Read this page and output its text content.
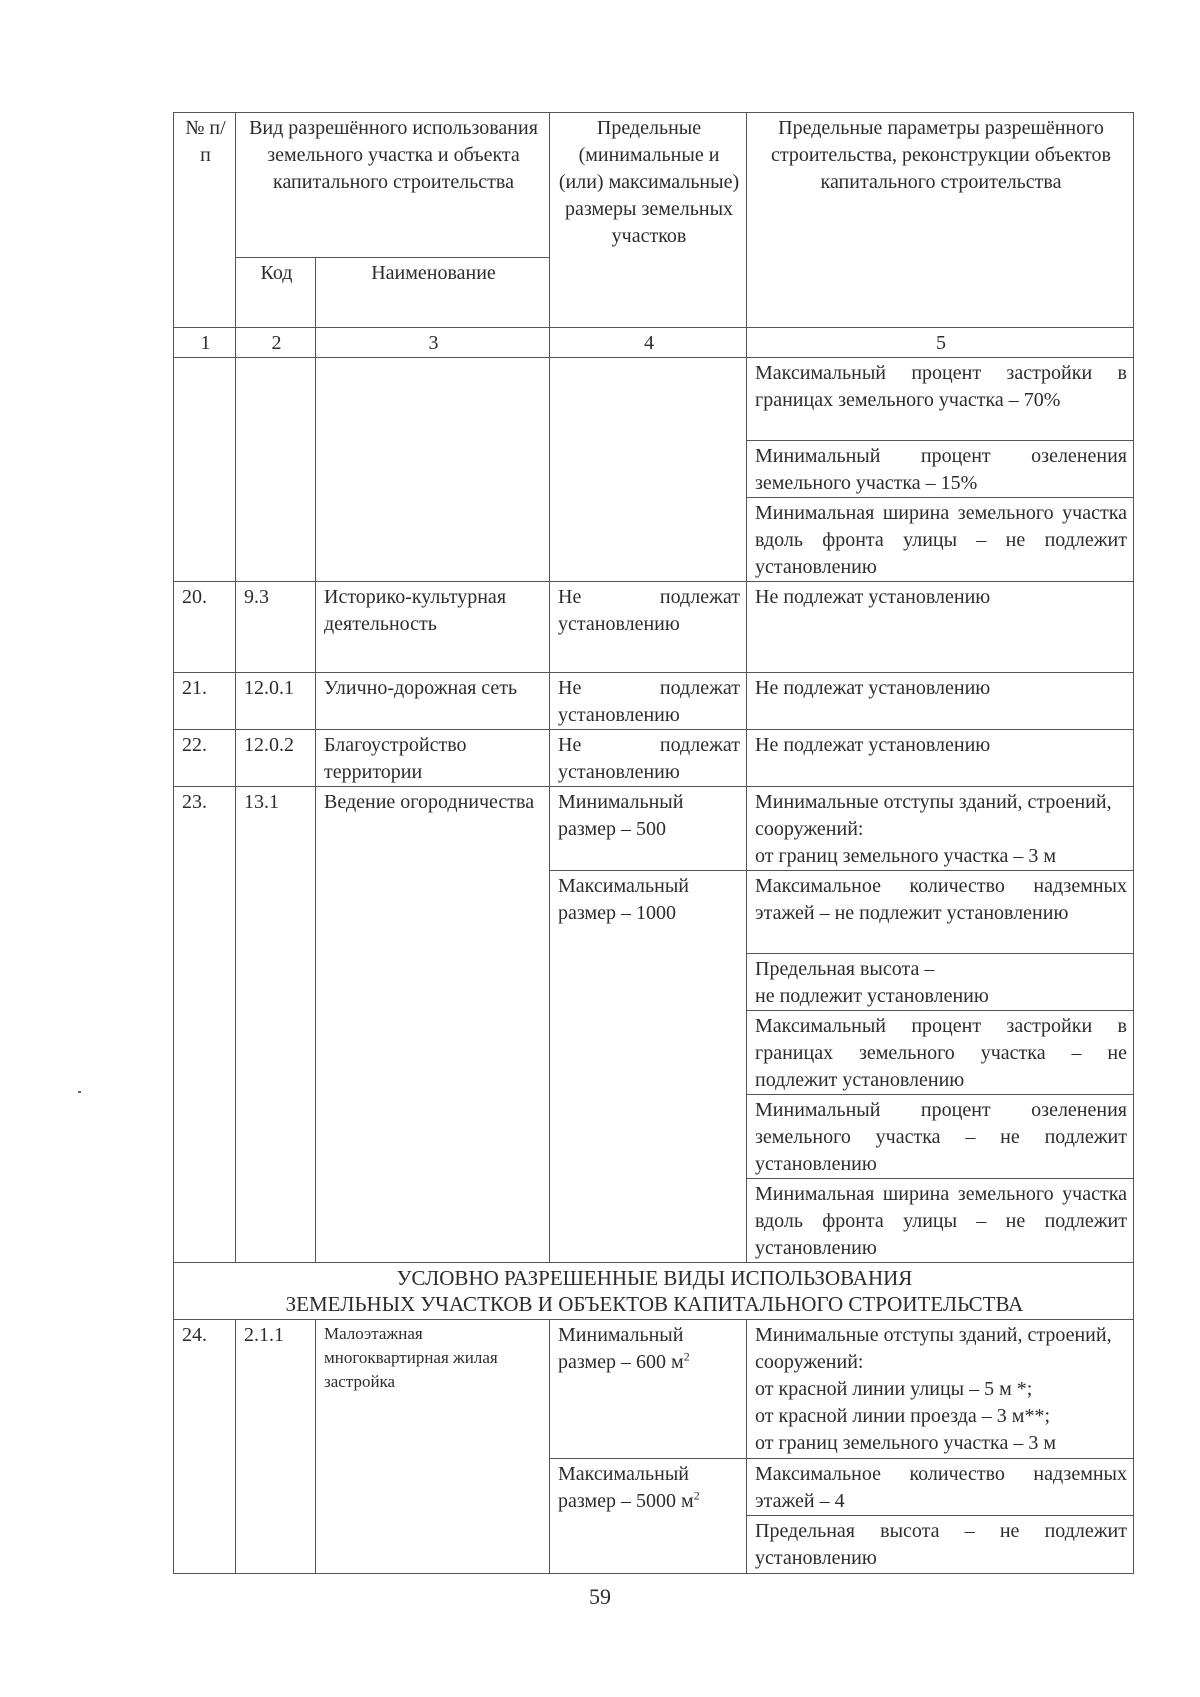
№ п/п	Вид разрешённого использования земельного участка и объекта капитального строительства		Предельные (минимальные и (или) максимальные) размеры земельных участков	Предельные параметры разрешённого строительства, реконструкции объектов капитального строительства
	Код	Наименование		
1	2	3	4	5
				Максимальный процент застройки в границах земельного участка – 70%
				Минимальный процент озеленения земельного участка – 15%
				Минимальная ширина земельного участка вдоль фронта улицы – не подлежит установлению
20.	9.3	Историко-культурная деятельность	Не подлежат установлению	Не подлежат установлению
21.	12.0.1	Улично-дорожная сеть	Не подлежат установлению	Не подлежат установлению
22.	12.0.2	Благоустройство территории	Не подлежат установлению	Не подлежат установлению
23.	13.1	Ведение огородничества	Минимальный размер – 500	Минимальные отступы зданий, строений, сооружений:
от границ земельного участка – 3 м

			Максимальный размер – 1000	Максимальное количество надземных этажей – не подлежит установлению

				Предельная высота –
не подлежит установлению

				Максимальный процент застройки в границах земельного участка – не подлежит установлению
				Минимальный процент озеленения земельного участка – не подлежит установлению
				Минимальная ширина земельного участка вдоль фронта улицы – не подлежит установлению

УСЛОВНО РАЗРЕШЕННЫЕ ВИДЫ ИСПОЛЬЗОВАНИЯ
ЗЕМЕЛЬНЫХ УЧАСТКОВ И ОБЪЕКТОВ КАПИТАЛЬНОГО СТРОИТЕЛЬСТВА				

24.	2.1.1	Малоэтажная многоквартирная жилая застройка	Минимальный размер – 600 $м^2$	Минимальные отступы зданий, строений, сооружений:
от красной линии улицы – 5 м *;
от красной линии проезда – 3 м**;
от границ земельного участка – 3 м

			Максимальный размер – 5000 $м^2$	Максимальное количество надземных этажей – 4
				Предельная высота – не подлежит установлению
59
